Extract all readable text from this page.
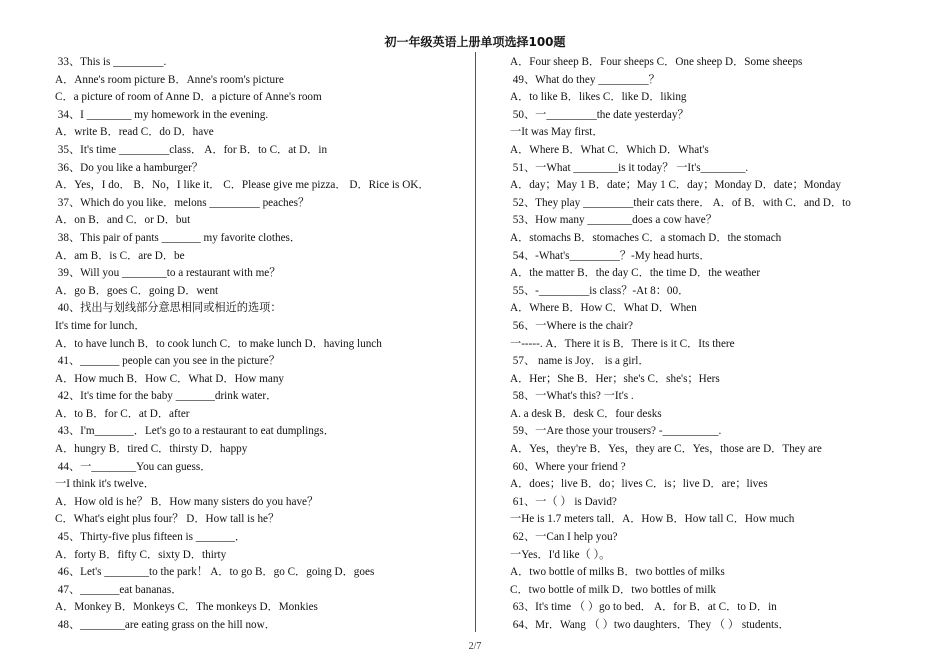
初一年级英语上册单项选择100题
33、This is _________.
A．Anne's room picture B．Anne's room's picture
C．a picture of room of Anne D．a picture of Anne's room
34、I ________ my homework in the evening.
A．write B．read C．do D．have
35、It's time _________class． A．for B．to C．at D．in
36、Do you like a hamburger？
A．Yes，I do． B．No，I like it． C．Please give me pizza． D．Rice is OK．
37、Which do you like．melons _________ peaches？
A．on B．and C．or D．but
38、This pair of pants _______ my favorite clothes．
A．am B．is C．are D．be
39、Will you ________to a restaurant with me？
A．go B．goes C．going D．went
40、找出与划线部分意思相同或相近的选项：
It's time for lunch．
A．to have lunch B．to cook lunch C．to make lunch D．having lunch
41、_______ people can you see in the picture？
A．How much B．How C．What D．How many
42、It's time for the baby _______drink water．
A．to B．for C．at D．after
43、I'm_______．Let's go to a restaurant to eat dumplings．
A．hungry B．tired C．thirsty D．happy
44、一________You can guess．
一I think it's twelve．
A．How old is he？ B．How many sisters do you have？
C．What's eight plus four？ D．How tall is he？
45、Thirty-five plus fifteen is _______．
A．forty B．fifty C．sixty D．thirty
46、Let's ________to the park！ A．to go B．go C．going D．goes
47、_______eat bananas．
A．Monkey B．Monkeys C．The monkeys D．Monkies
48、________are eating grass on the hill now．
A．Four sheep B．Four sheeps C．One sheep D．Some sheeps
49、What do they _________？
A．to like B．likes C．like D．liking
50、一_________the date yesterday？
一It was May first．
A．Where B．What C．Which D．What's
51、一What ________is it today？ 一It's________.
A．day；May 1 B．date；May 1 C．day；Monday D．date；Monday
52、They play _________their cats there． A．of B．with C．and D．to
53、How many ________does a cow have？
A．stomachs B．stomaches C．a stomach D．the stomach
54、-What's_________？-My head hurts．
A．the matter B．the day C．the time D．the weather
55、-_________is class？-At 8：00．
A．Where B．How C．What D．When
56、一Where is the chair?
一-----. A．There it is B．There is it C．Its there
57、 name is Joy． is a girl．
A．Her；She B．Her；she's C．she's；Hers
58、一What's this? 一It's .
A. a desk B．desk C．four desks
59、一Are those your trousers? -__________.
A．Yes，they're B．Yes，they are C．Yes，those are D．They are
60、Where your friend ?
A．does；live B．do；lives C．is；live D．are；lives
61、一（ ） is David?
一He is 1.7 meters tall．A．How B．How tall C．How much
62、一Can I help you?
一Yes．I'd like（ ）。
A．two bottle of milks B．two bottles of milks
C．two bottle of milk D．two bottles of milk
63、It's time （ ）go to bed． A．for B．at C．to D．in
64、Mr．Wang （ ）two daughters．They （ ） students．
2/7
